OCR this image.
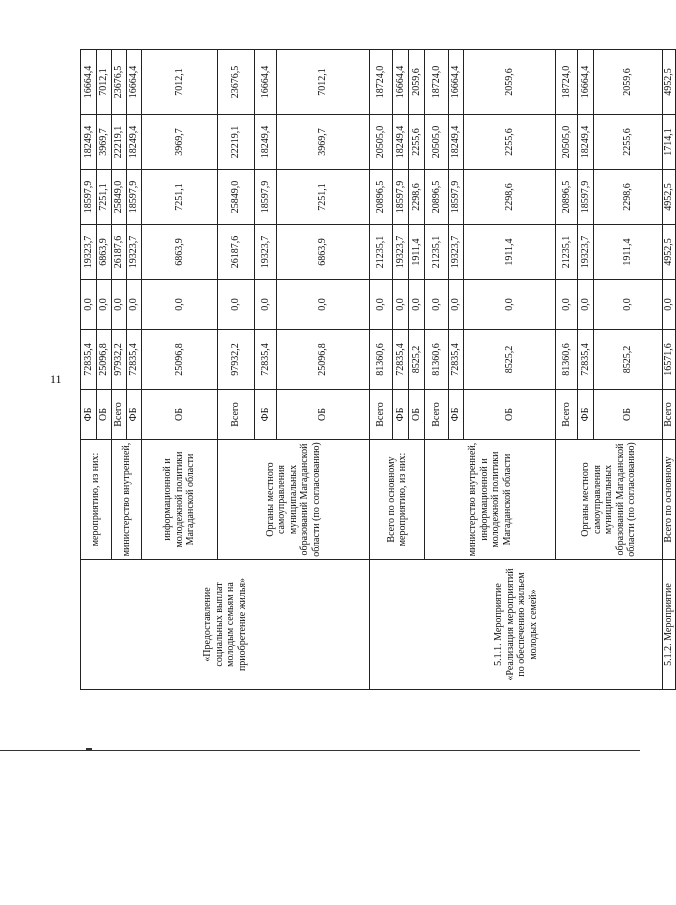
11
«Предоставление социальных выплат молодым семьям на приобретение жилья»	мероприятию, из них:	ФБ	72835,4	0,0	19323,7	18597,9	18249,4	16664,4
		ОБ	25096,8	0,0	6863,9	7251,1	3969,7	7012,1
	министерство внутренней,	Всего	97932,2	0,0	26187,6	25849,0	22219,1	23676,5
		ФБ	72835,4	0,0	19323,7	18597,9	18249,4	16664,4
	информационной и молодежной политики Магаданской области	ОБ	25096,8	0,0	6863,9	7251,1	3969,7	7012,1
	Органы местного самоуправления муниципальных образований Магаданской области (по согласованию)	Всего	97932,2	0,0	26187,6	25849,0	22219,1	23676,5
		ФБ	72835,4	0,0	19323,7	18597,9	18249,4	16664,4
		ОБ	25096,8	0,0	6863,9	7251,1	3969,7	7012,1
5.1.1. Мероприятие «Реализация мероприятий по обеспечению жильем молодых семей»	Всего по основному мероприятию, из них:	Всего	81360,6	0,0	21235,1	20896,5	20505,0	18724,0
		ФБ	72835,4	0,0	19323,7	18597,9	18249,4	16664,4
		ОБ	8525,2	0,0	1911,4	2298,6	2255,6	2059,6
	министерство внутренней, информационной и молодежной политики Магаданской области	Всего	81360,6	0,0	21235,1	20896,5	20505,0	18724,0
		ФБ	72835,4	0,0	19323,7	18597,9	18249,4	16664,4
		ОБ	8525,2	0,0	1911,4	2298,6	2255,6	2059,6
	Органы местного самоуправления муниципальных образований Магаданской области (по согласованию)	Всего	81360,6	0,0	21235,1	20896,5	20505,0	18724,0
		ФБ	72835,4	0,0	19323,7	18597,9	18249,4	16664,4
		ОБ	8525,2	0,0	1911,4	2298,6	2255,6	2059,6
5.1.2. Мероприятие	Всего по основному	Всего	16571,6	0,0	4952,5	4952,5	1714,1	4952,5
